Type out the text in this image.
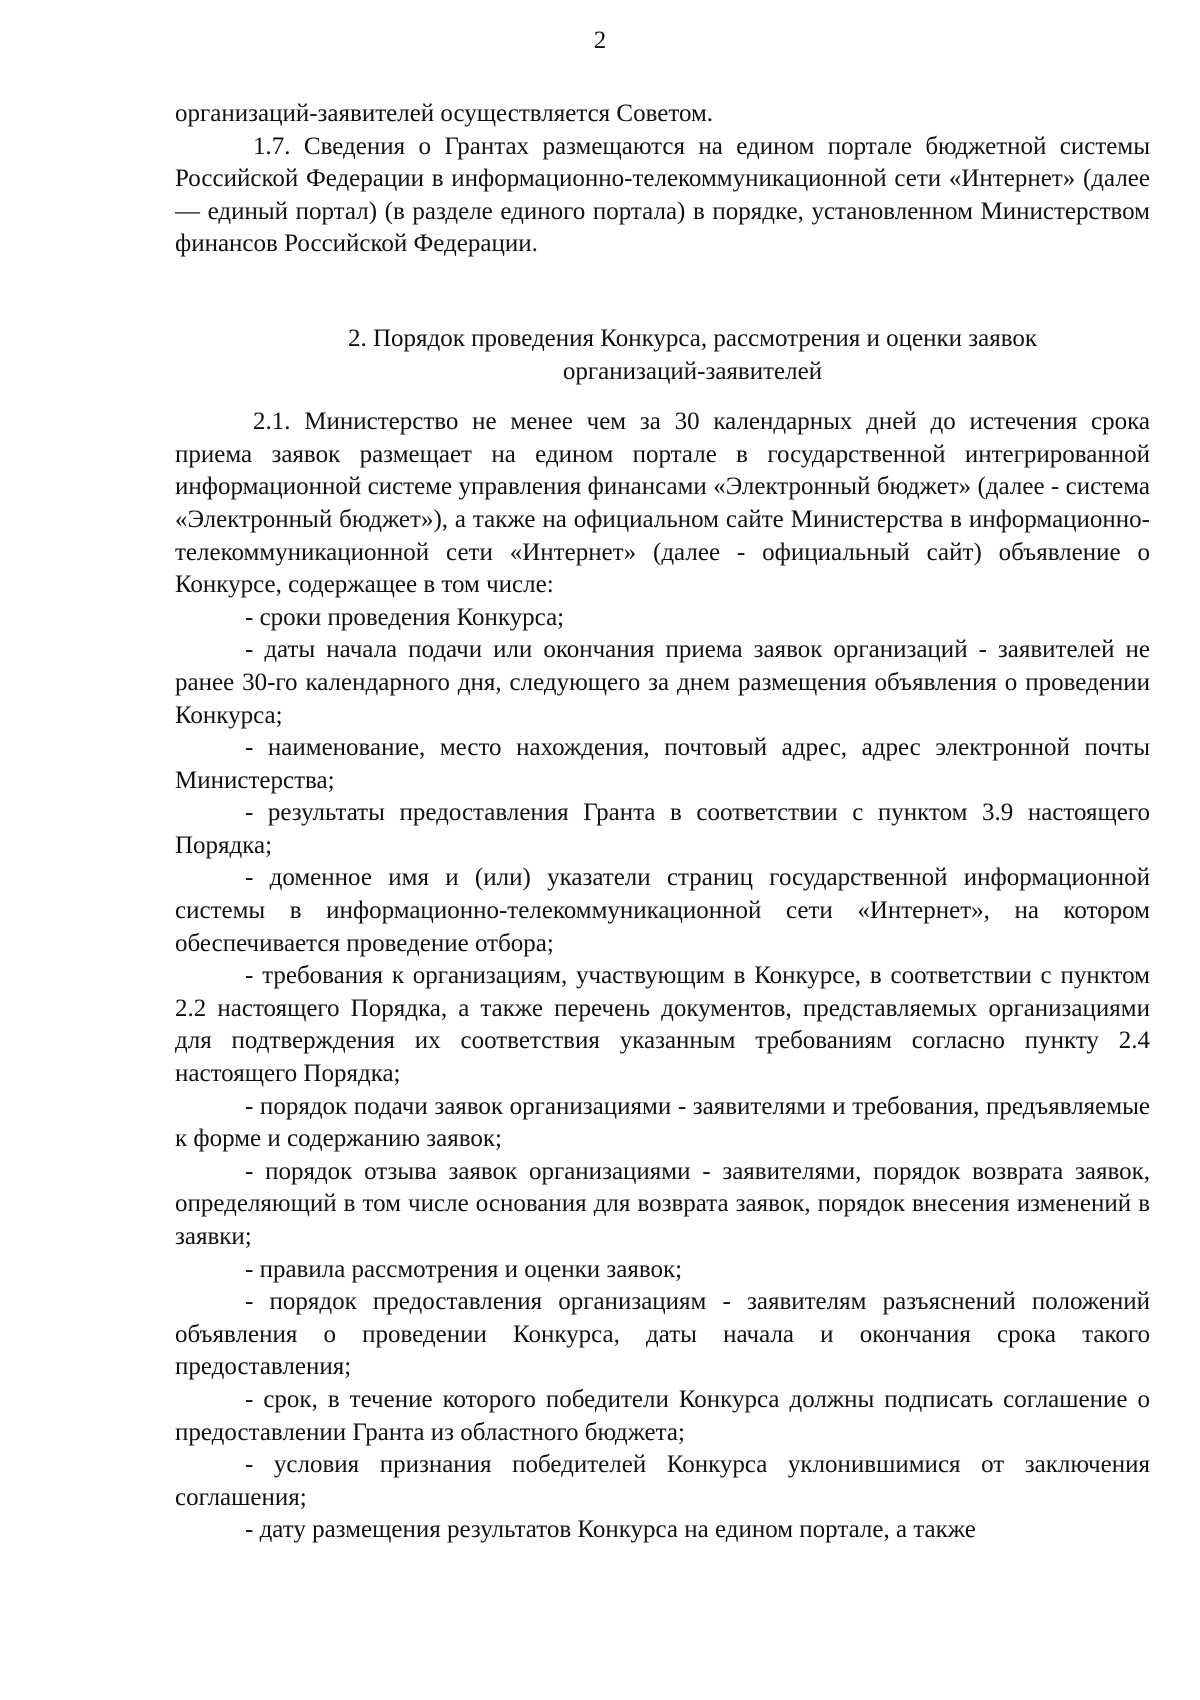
2

организаций-заявителей осуществляется Советом.

1.7. Сведения о Грантах размещаются на едином портале бюджетной системы Российской Федерации в информационно-телекоммуникационной сети «Интернет» (далее — единый портал) (в разделе единого портала) в порядке, установленном Министерством финансов Российской Федерации.

2. Порядок проведения Конкурса, рассмотрения и оценки заявок
организаций-заявителей

2.1. Министерство не менее чем за 30 календарных дней до истечения срока приема заявок размещает на едином портале в государственной интегрированной информационной системе управления финансами «Электронный бюджет» (далее - система «Электронный бюджет»), а также на официальном сайте Министерства в информационно-телекоммуникационной сети «Интернет» (далее - официальный сайт) объявление о Конкурсе, содержащее в том числе:

- сроки проведения Конкурса;

- даты начала подачи или окончания приема заявок организаций - заявителей не ранее 30-го календарного дня, следующего за днем размещения объявления о проведении Конкурса;

- наименование, место нахождения, почтовый адрес, адрес электронной почты Министерства;

- результаты предоставления Гранта в соответствии с пунктом 3.9 настоящего Порядка;

- доменное имя и (или) указатели страниц государственной информационной системы в информационно-телекоммуникационной сети «Интернет», на котором обеспечивается проведение отбора;

- требования к организациям, участвующим в Конкурсе, в соответствии с пунктом 2.2 настоящего Порядка, а также перечень документов, представляемых организациями для подтверждения их соответствия указанным требованиям согласно пункту 2.4 настоящего Порядка;

- порядок подачи заявок организациями - заявителями и требования, предъявляемые к форме и содержанию заявок;

- порядок отзыва заявок организациями - заявителями, порядок возврата заявок, определяющий в том числе основания для возврата заявок, порядок внесения изменений в заявки;

- правила рассмотрения и оценки заявок;

- порядок предоставления организациям - заявителям разъяснений положений объявления о проведении Конкурса, даты начала и окончания срока такого предоставления;

- срок, в течение которого победители Конкурса должны подписать соглашение о предоставлении Гранта из областного бюджета;

- условия признания победителей Конкурса уклонившимися от заключения соглашения;

- дату размещения результатов Конкурса на едином портале, а также
